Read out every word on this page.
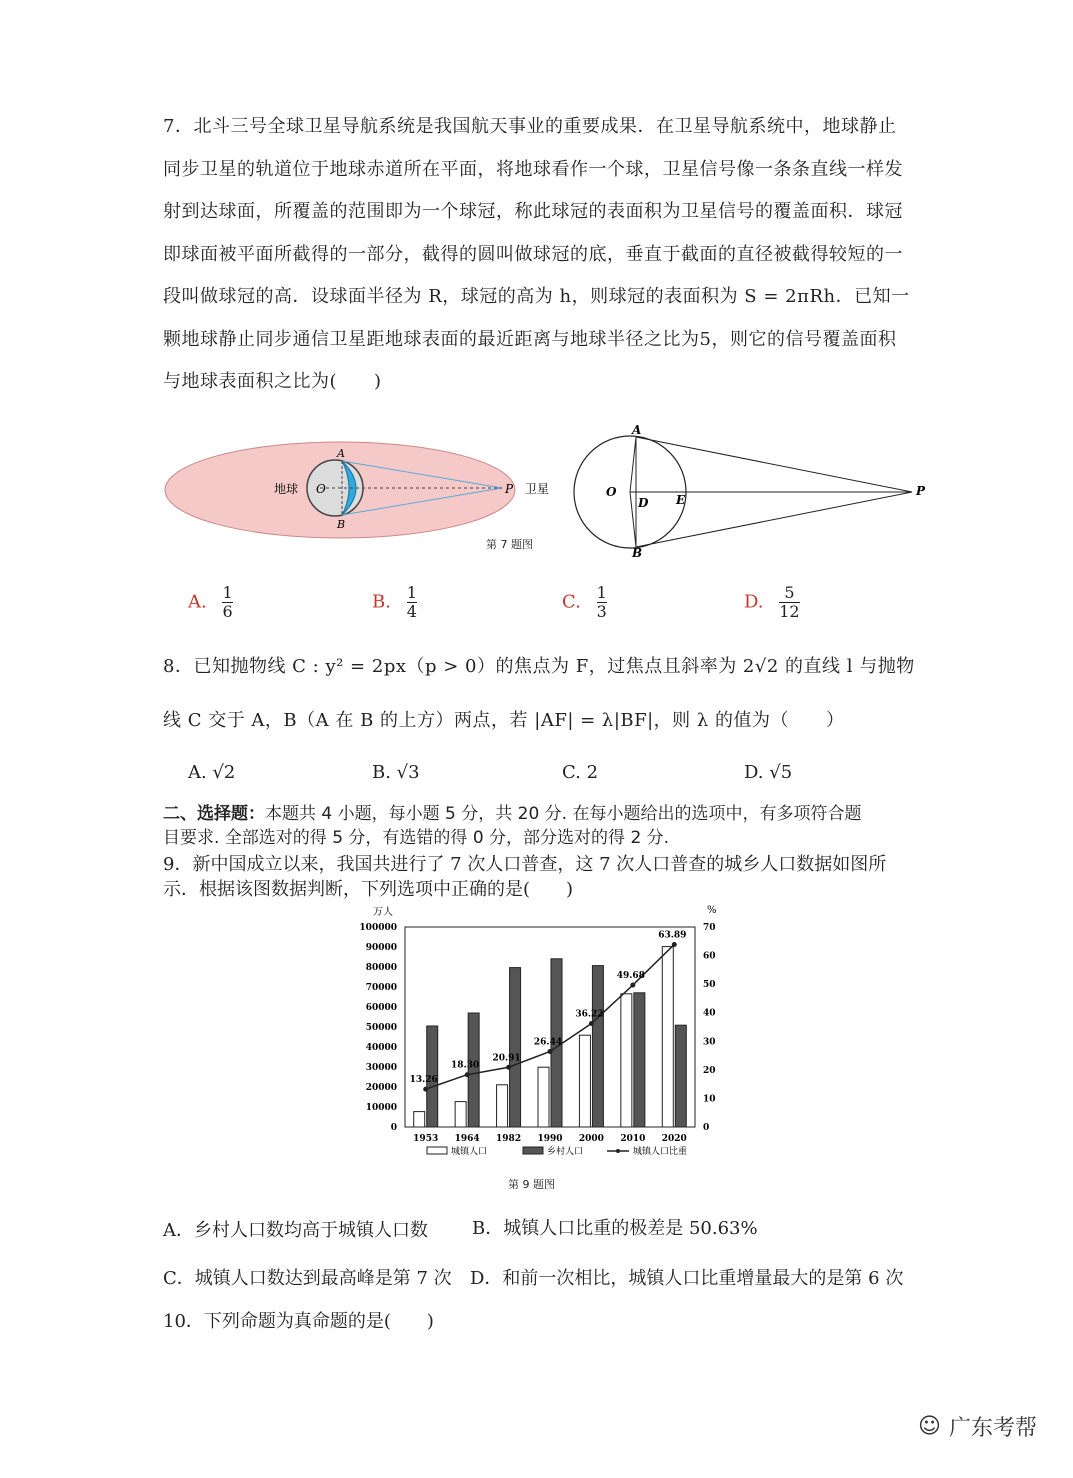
7．北斗三号全球卫星导航系统是我国航天事业的重要成果．在卫星导航系统中，地球静止
同步卫星的轨道位于地球赤道所在平面，将地球看作一个球，卫星信号像一条条直线一样发
射到达球面，所覆盖的范围即为一个球冠，称此球冠的表面积为卫星信号的覆盖面积．球冠
即球面被平面所截得的一部分，截得的圆叫做球冠的底，垂直于截面的直径被截得较短的一
段叫做球冠的高．设球面半径为 R，球冠的高为 h，则球冠的表面积为 S = 2πRh．已知一
颗地球静止同步通信卫星距地球表面的最近距离与地球半径之比为5，则它的信号覆盖面积
与地球表面积之比为(　　)
地球 O
A
B
P 卫星
第 7 题图
A
B
O
D E
P
A. $\frac{1}{6}$	B. $\frac{1}{4}$	C. $\frac{1}{3}$	D. $\frac{5}{12}$
8．已知抛物线 C : y² = 2px（p > 0）的焦点为 F，过焦点且斜率为 2√2 的直线 l 与抛物
线 C 交于 A，B（A 在 B 的上方）两点，若 |AF| = λ|BF|，则 λ 的值为（　　）
A. √2	B. √3	C. 2	D. √5
二、选择题：本题共 4 小题，每小题 5 分，共 20 分. 在每小题给出的选项中，有多项符合题
目要求. 全部选对的得 5 分，有选错的得 0 分，部分选对的得 2 分.
9．新中国成立以来，我国共进行了 7 次人口普查，这 7 次人口普查的城乡人口数据如图所
示．根据该图数据判断，下列选项中正确的是(　　)
万人	%
0
10000
20000
30000
40000
50000
60000
70000
80000
90000
100000
0
10
20
30
40
50
60
70
1953 1964 1982 1990 2000 2010 2020
13.26
18.30
20.91
26.44
36.22
49.68
63.89
城镇人口	乡村人口	城镇人口比重
第 9 题图
A．乡村人口数均高于城镇人口数 B．城镇人口比重的极差是 50.63%
C．城镇人口数达到最高峰是第 7 次 D．和前一次相比，城镇人口比重增量最大的是第 6 次
10．下列命题为真命题的是(　　)
☺ 广东考帮
